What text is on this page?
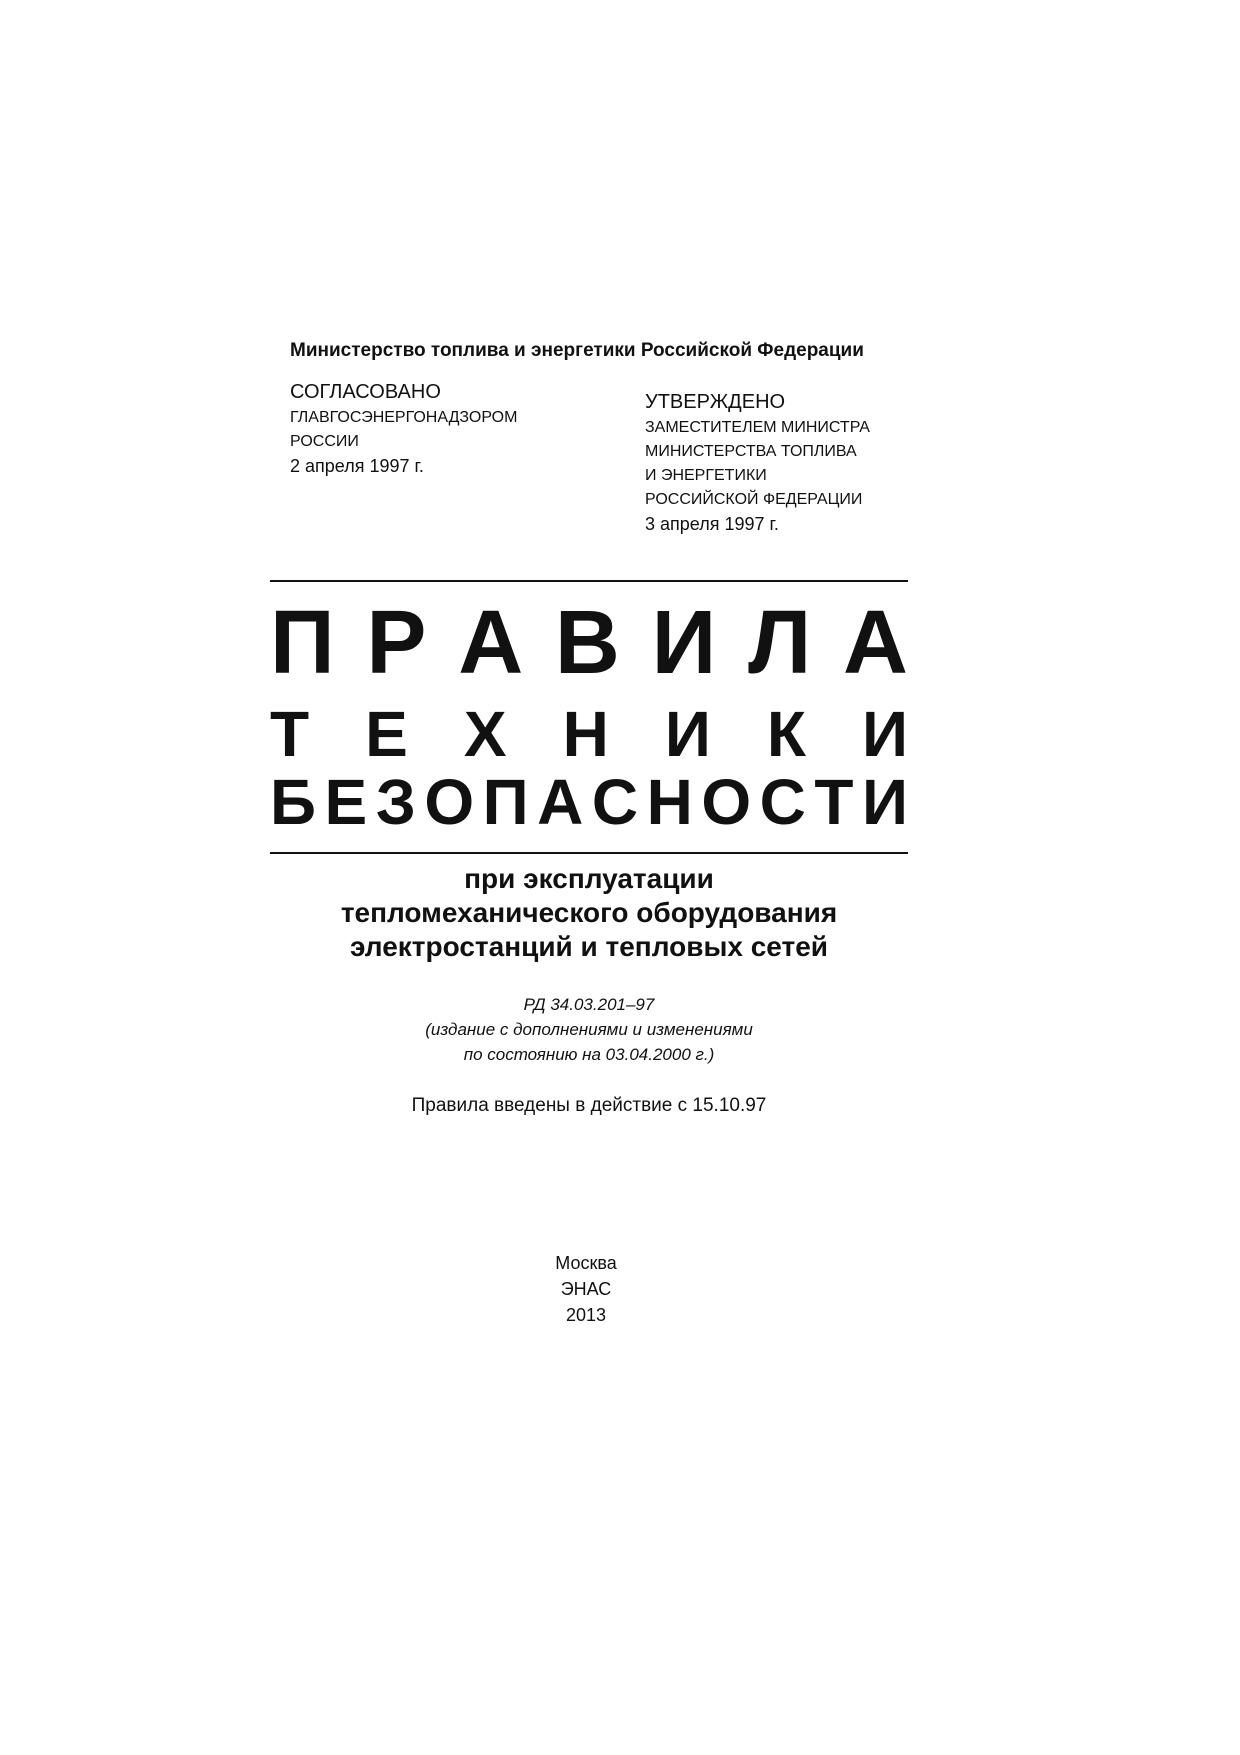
Министерство топлива и энергетики Российской Федерации
СОГЛАСОВАНО
ГЛАВГОСЭНЕРГОНАДЗОРОМ
РОССИИ
2 апреля 1997 г.
УТВЕРЖДЕНО
ЗАМЕСТИТЕЛЕМ МИНИСТРА
МИНИСТЕРСТВА ТОПЛИВА
И ЭНЕРГЕТИКИ
РОССИЙСКОЙ ФЕДЕРАЦИИ
3 апреля 1997 г.
П Р А В И Л А
Т Е Х Н И К И
Б Е З О П А С Н О С Т И
при эксплуатации
тепломеханического оборудования
электростанций и тепловых сетей
РД 34.03.201–97
(издание с дополнениями и изменениями
по состоянию на 03.04.2000 г.)
Правила введены в действие с 15.10.97
Москва
ЭНАС
2013
